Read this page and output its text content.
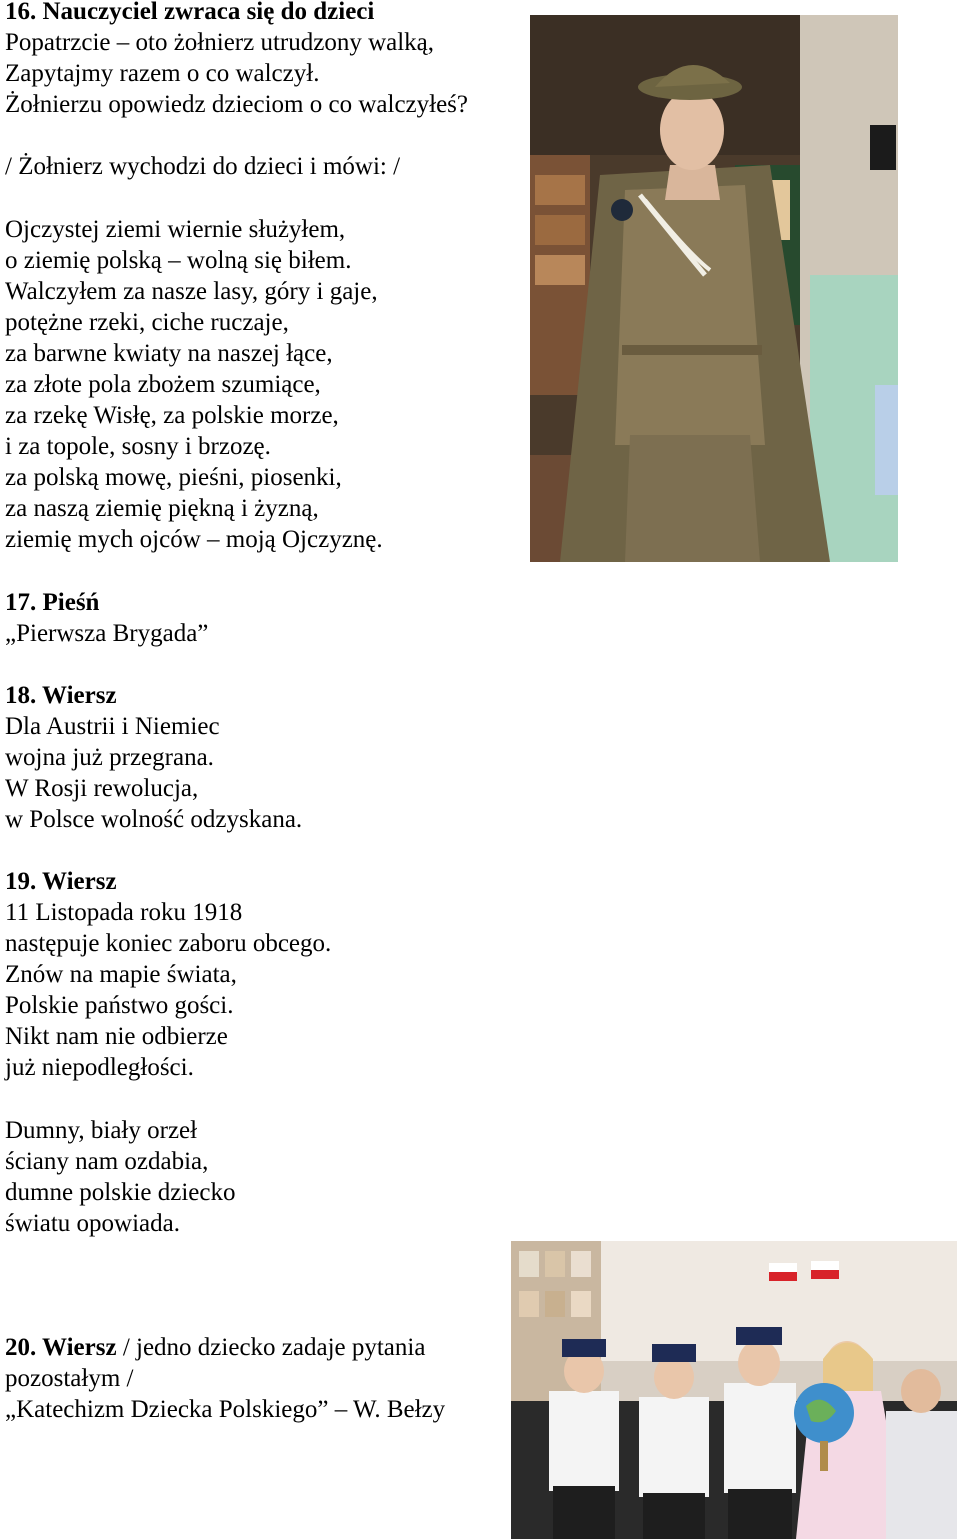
16. Nauczyciel zwraca się do dzieci
Popatrzcie – oto żołnierz utrudzony walką,
Zapytajmy razem o co walczył.
Żołnierzu opowiedz dzieciom o co walczyłeś?
/ Żołnierz wychodzi do dzieci i mówi: /
Ojczystej ziemi wiernie służyłem,
o ziemię polską – wolną się biłem.
Walczyłem za nasze lasy, góry i gaje,
potężne rzeki, ciche ruczaje,
za barwne kwiaty na naszej łące,
za złote pola zbożem szumiące,
za rzekę Wisłę, za polskie morze,
i za topole, sosny i brzozę.
za polską mowę, pieśni, piosenki,
za naszą ziemię piękną i żyzną,
ziemię mych ojców – moją Ojczyznę.
17. Pieśń
„Pierwsza Brygada”
18. Wiersz
Dla Austrii i Niemiec
wojna już przegrana.
W Rosji rewolucja,
w Polsce wolność odzyskana.
19. Wiersz
11 Listopada roku 1918
następuje koniec zaboru obcego.
Znów na mapie świata,
Polskie państwo gości.
Nikt nam nie odbierze
już niepodległości.
Dumny, biały orzeł
ściany nam ozdabia,
dumne polskie dziecko
światu opowiada.
20. Wiersz / jedno dziecko zadaje pytania
pozostałym /
„Katechizm Dziecka Polskiego” – W. Bełzy
